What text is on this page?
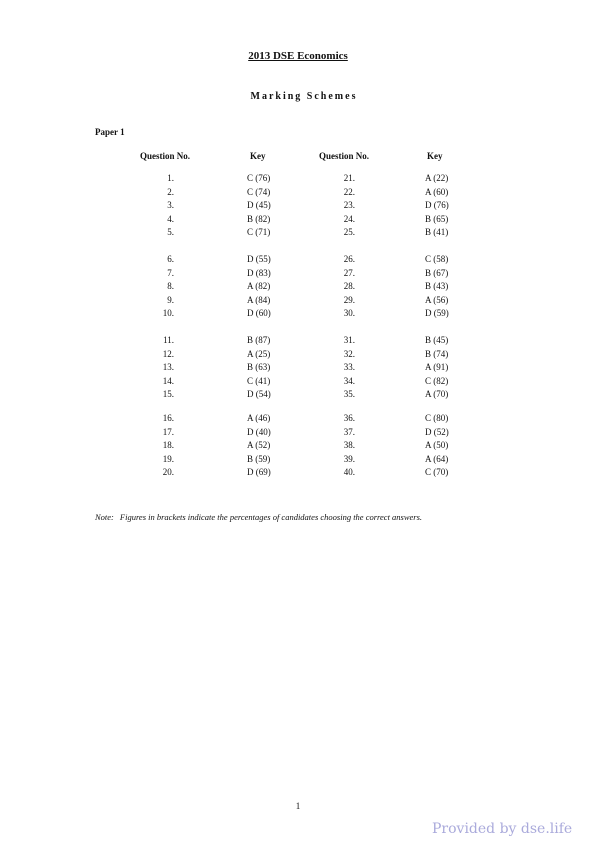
2013 DSE Economics
Marking Schemes
Paper 1
Question No.	Key	Question No.	Key
1.	C (76)	21.	A (22)
2.	C (74)	22.	A (60)
3.	D (45)	23.	D (76)
4.	B (82)	24.	B (65)
5.	C (71)	25.	B (41)
6.	D (55)	26.	C (58)
7.	D (83)	27.	B (67)
8.	A (82)	28.	B (43)
9.	A (84)	29.	A (56)
10.	D (60)	30.	D (59)
11.	B (87)	31.	B (45)
12.	A (25)	32.	B (74)
13.	B (63)	33.	A (91)
14.	C (41)	34.	C (82)
15.	D (54)	35.	A (70)
16.	A (46)	36.	C (80)
17.	D (40)	37.	D (52)
18.	A (52)	38.	A (50)
19.	B (59)	39.	A (64)
20.	D (69)	40.	C (70)
Note: Figures in brackets indicate the percentages of candidates choosing the correct answers.
1
Provided by dse.life
